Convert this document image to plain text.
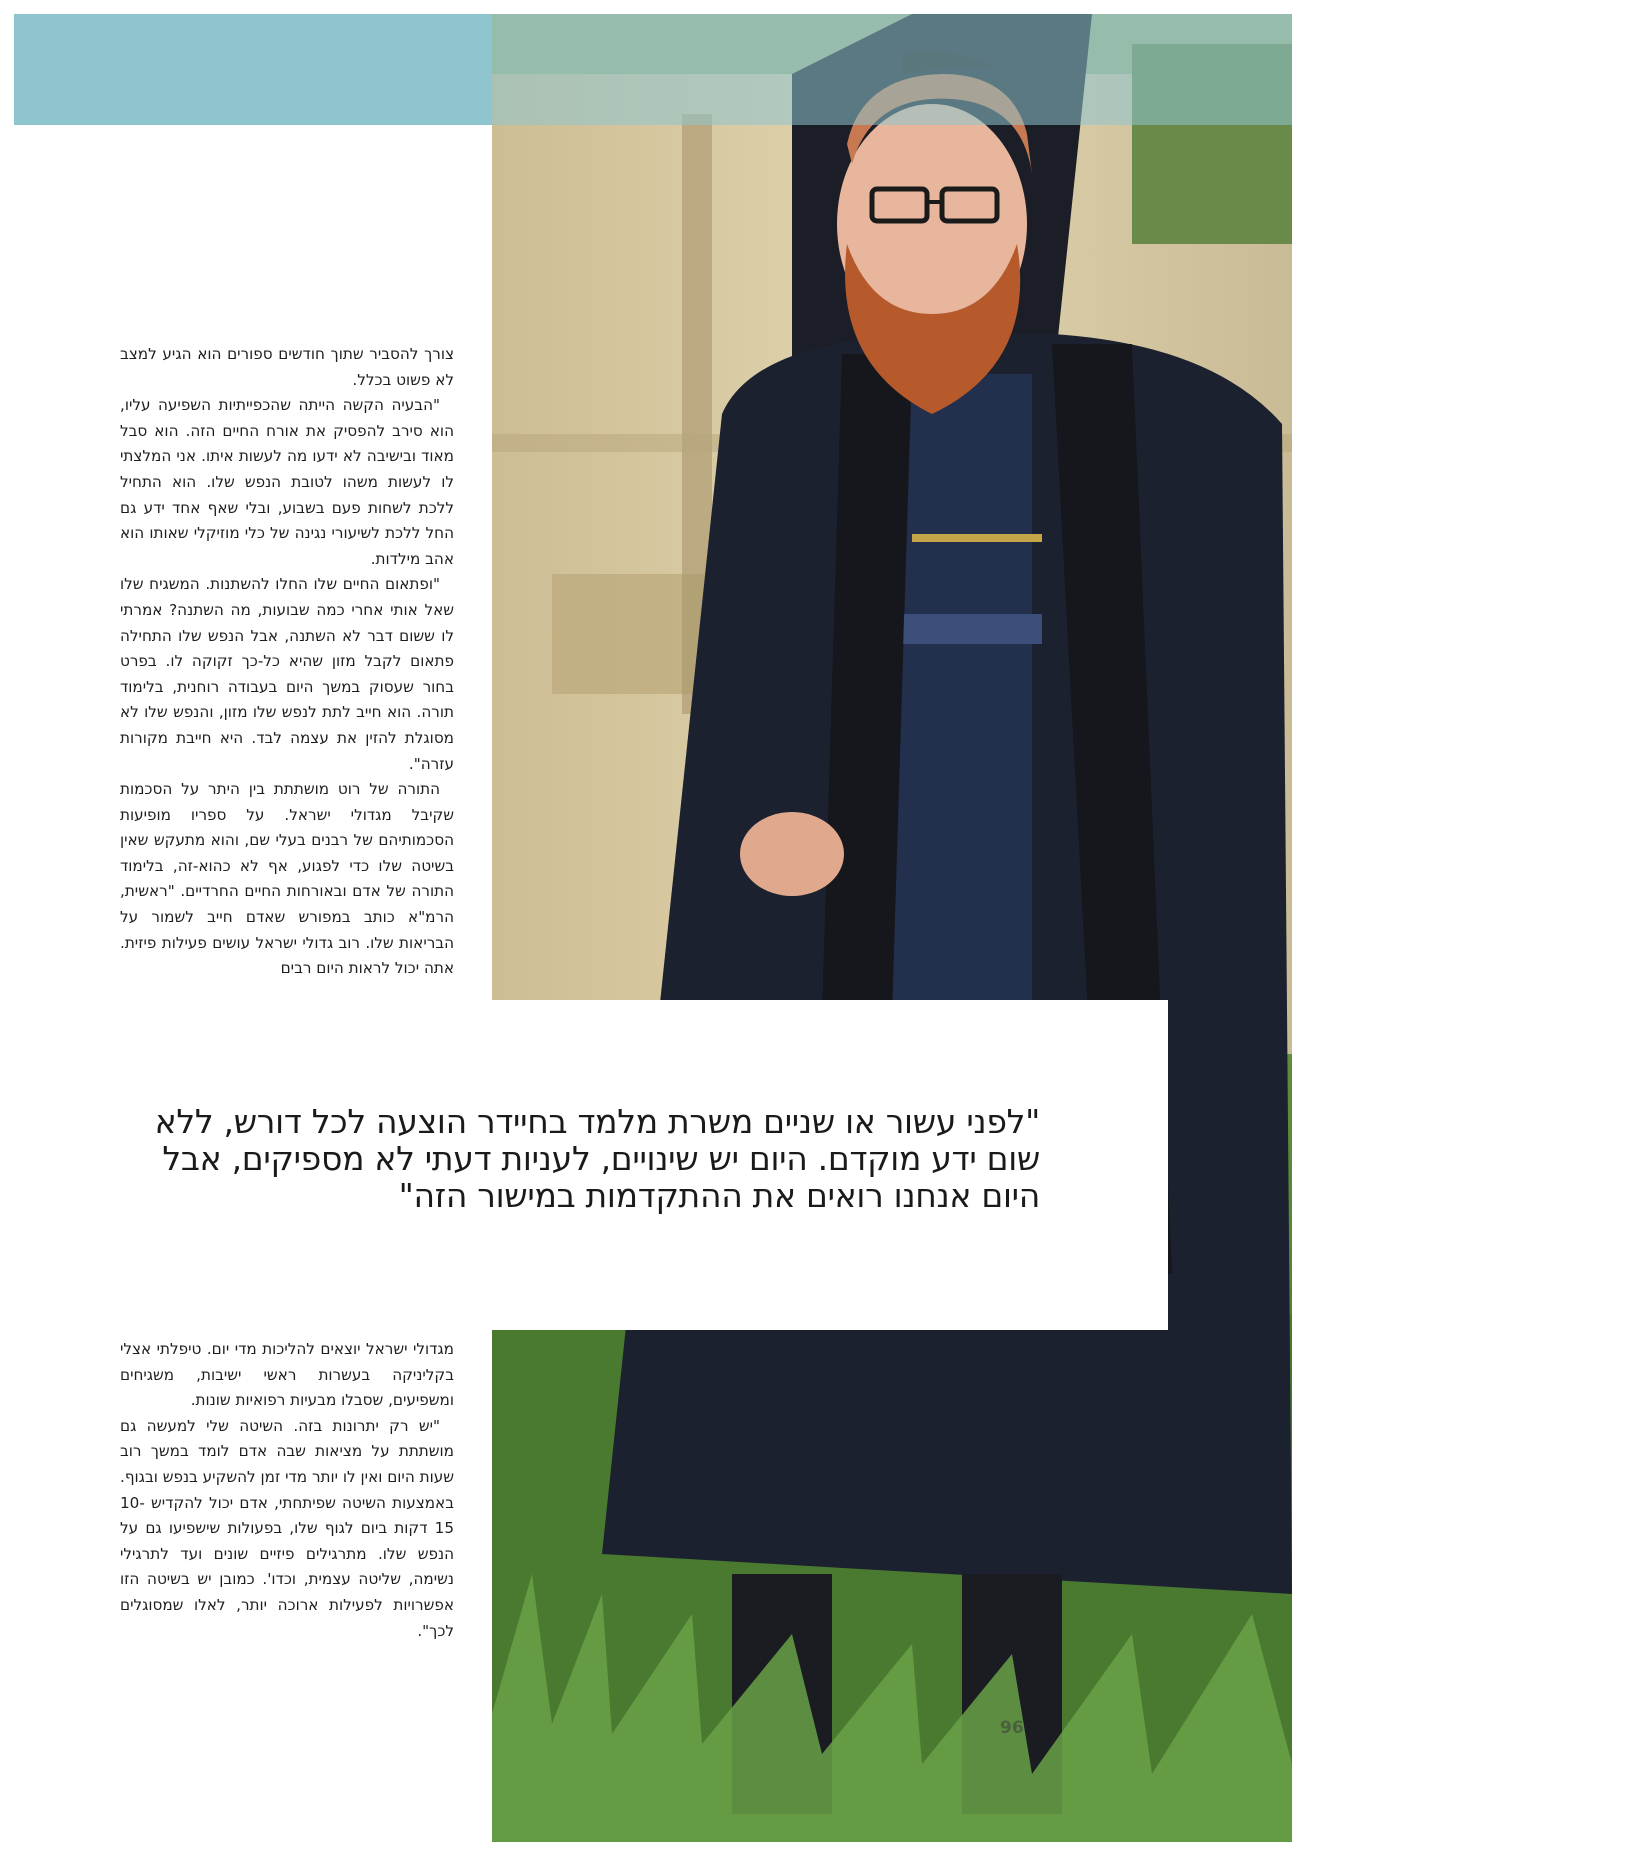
צורך להסביר שתוך חודשים ספורים הוא הגיע למצב לא פשוט בכלל.

"הבעיה הקשה הייתה שהכפייתיות השפיעה עליו, הוא סירב להפסיק את אורח החיים הזה. הוא סבל מאוד ובישיבה לא ידעו מה לעשות איתו. אני המלצתי לו לעשות משהו לטובת הנפש שלו. הוא התחיל ללכת לשחות פעם בשבוע, ובלי שאף אחד ידע גם החל ללכת לשיעורי נגינה של כלי מוזיקלי שאותו הוא אהב מילדות.

"ופתאום החיים שלו החלו להשתנות. המשגיח שלו שאל אותי אחרי כמה שבועות, מה השתנה? אמרתי לו ששום דבר לא השתנה, אבל הנפש שלו התחילה פתאום לקבל מזון שהיא כל-כך זקוקה לו. בפרט בחור שעסוק במשך היום בעבודה רוחנית, בלימוד תורה. הוא חייב לתת לנפש שלו מזון, והנפש שלו לא מסוגלת להזין את עצמה לבד. היא חייבת מקורות עזרה".

התורה של רוט מושתתת בין היתר על הסכמות שקיבל מגדולי ישראל. על ספריו מופיעות הסכמותיהם של רבנים בעלי שם, והוא מתעקש שאין בשיטה שלו כדי לפגוע, אף לא כהוא-זה, בלימוד התורה של אדם ובאורחות החיים החרדיים. "ראשית, הרמ"א כותב במפורש שאדם חייב לשמור על הבריאות שלו. רוב גדולי ישראל עושים פעילות פיזית. אתה יכול לראות היום רבים

"לפני עשור או שניים משרת מלמד בחיידר הוצעה לכל דורש, ללא שום ידע מוקדם. היום יש שינויים, לעניות דעתי לא מספיקים, אבל היום אנחנו רואים את ההתקדמות במישור הזה"

מגדולי ישראל יוצאים להליכות מדי יום. טיפלתי אצלי בקליניקה בעשרות ראשי ישיבות, משגיחים ומשפיעים, שסבלו מבעיות רפואיות שונות.

"יש רק יתרונות בזה. השיטה שלי למעשה גם מושתתת על מציאות שבה אדם לומד במשך רוב שעות היום ואין לו יותר מדי זמן להשקיע בנפש ובגוף. באמצעות השיטה שפיתחתי, אדם יכול להקדיש 10-15 דקות ביום לגוף שלו, בפעולות שישפיעו גם על הנפש שלו. מתרגילים פיזיים שונים ועד לתרגילי נשימה, שליטה עצמית, וכדו'. כמובן יש בשיטה הזו אפשרויות לפעילות ארוכה יותר, לאלו שמסוגלים לכך".

96
